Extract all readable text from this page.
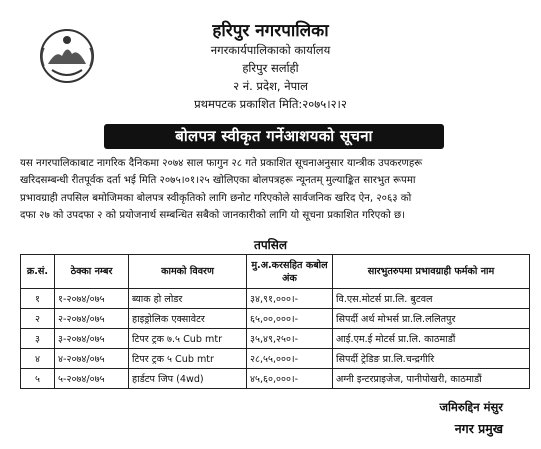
हरिपुर नगरपालिका
नगरकार्यपालिकाको कार्यालय
हरिपुर सर्लाही
२ नं. प्रदेश, नेपाल
प्रथमपटक प्रकाशित मिति:२०७५।२।२
बोलपत्र स्वीकृत गर्नेआशयको सूचना
यस नगरपालिकाबाट नागरिक दैनिकमा २०७४ साल फागुन २८ गते प्रकाशित सूचनाअनुसार यान्त्रीक उपकरणहरू
खरिदसम्बन्धी रीतपूर्वक दर्ता भई मिति २०७५।०१।२५ खोलिएका बोलपत्रहरू न्यूनतम् मुल्याङ्कित सारभुत रूपमा
प्रभावग्राही तपसिल बमोजिमका बोलपत्र स्वीकृतिको लागि छनोट गरिएकोले सार्वजनिक खरिद ऐन, २०६३ को
दफा २७ को उपदफा २ को प्रयोजनार्थ सम्बन्धित सबैको जानकारीको लागि यो सूचना प्रकाशित गरिएको छ।
तपसिल
क्र.सं.	ठेक्का नम्बर	कामको विवरण	मु.अ.करसहित कबोल अंक	सारभुतरुपमा प्रभावग्राही फर्मको नाम
१	१-२०७४/०७५	ब्याक हो लोडर	३४,९१,०००।-	वि.एस.मोटर्स प्रा.लि. बुटवल
२	२-२०७४/०७५	हाइड्रोलिक एक्सावेटर	६५,००,०००।-	सिपर्दी अर्थ मोभर्स प्रा.लि.ललितपुर
३	३-२०७४/०७५	टिपर ट्रक ७.५ Cub mtr	३५,४९,२५०।-	आई.एम.ई मोटर्स प्रा.लि. काठमाडौं
४	४-२०७४/०७५	टिपर ट्रक ५ Cub mtr	२८,५५,०००।-	सिपर्दी ट्रेडिङ प्रा.लि.चन्द्रगीरि
५	५-२०७४/०७५	हार्डटप जिप (4wd)	४५,६०,०००।-	अग्नी इन्टरप्राइजेज, पानीपोखरी, काठमाडौं
जमिरुद्दिन मंसुर
नगर प्रमुख
